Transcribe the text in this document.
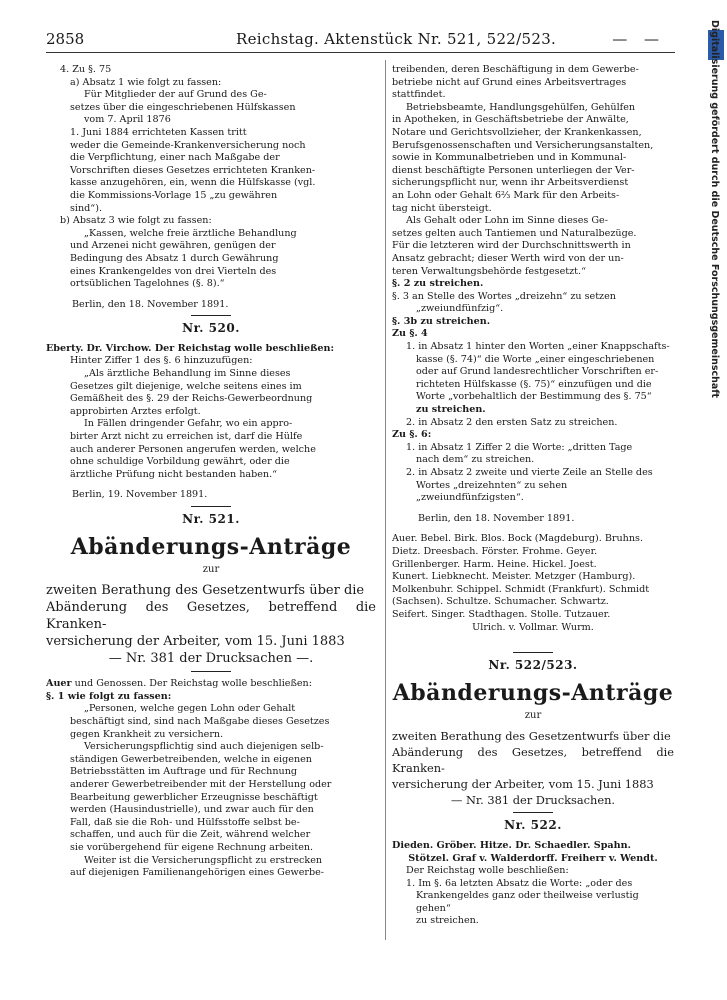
2858	Reichstag. Aktenstück Nr. 521, 522/523.	— —	Digitalisierung gefördert durch die Deutsche Forschungsgemeinschaft

4. Zu §. 75

a) Absatz 1 wie folgt zu fassen:

Für Mitglieder der auf Grund des Ge-

setzes über die eingeschriebenen Hülfskassen

vom 7. April 1876

1. Juni 1884 errichteten Kassen tritt

weder die Gemeinde-Krankenversicherung noch

die Verpflichtung, einer nach Maßgabe der

Vorschriften dieses Gesetzes errichteten Kranken-

kasse anzugehören, ein, wenn die Hülfskasse (vgl.

die Kommissions-Vorlage 15 „zu gewähren

sind“).

b) Absatz 3 wie folgt zu fassen:

„Kassen, welche freie ärztliche Behandlung

und Arzenei nicht gewähren, genügen der

Bedingung des Absatz 1 durch Gewährung

eines Krankengeldes von drei Vierteln des

ortsüblichen Tagelohnes (§. 8).“

Berlin, den 18. November 1891.

Nr. 520.

Eberty. Dr. Virchow. Der Reichstag wolle beschließen:

Hinter Ziffer 1 des §. 6 hinzuzufügen:

„Als ärztliche Behandlung im Sinne dieses

Gesetzes gilt diejenige, welche seitens eines im

Gemäßheit des §. 29 der Reichs-Gewerbeordnung

approbirten Arztes erfolgt.

In Fällen dringender Gefahr, wo ein appro-

birter Arzt nicht zu erreichen ist, darf die Hülfe

auch anderer Personen angerufen werden, welche

ohne schuldige Vorbildung gewährt, oder die

ärztliche Prüfung nicht bestanden haben.“

Berlin, 19. November 1891.

Nr. 521.
Abänderungs-Anträge
zur
zweiten Berathung des Gesetzentwurfs über die
Abänderung des Gesetzes, betreffend die Kranken-
versicherung der Arbeiter, vom 15. Juni 1883
— Nr. 381 der Drucksachen —.

Auer und Genossen. Der Reichstag wolle beschließen:

§. 1 wie folgt zu fassen:

„Personen, welche gegen Lohn oder Gehalt

beschäftigt sind, sind nach Maßgabe dieses Gesetzes

gegen Krankheit zu versichern.

Versicherungspflichtig sind auch diejenigen selb-

ständigen Gewerbetreibenden, welche in eigenen

Betriebsstätten im Auftrage und für Rechnung

anderer Gewerbetreibender mit der Herstellung oder

Bearbeitung gewerblicher Erzeugnisse beschäftigt

werden (Hausindustrielle), und zwar auch für den

Fall, daß sie die Roh- und Hülfsstoffe selbst be-

schaffen, und auch für die Zeit, während welcher

sie vorübergehend für eigene Rechnung arbeiten.

Weiter ist die Versicherungspflicht zu erstrecken

auf diejenigen Familienangehörigen eines Gewerbe-

treibenden, deren Beschäftigung in dem Gewerbe-

betriebe nicht auf Grund eines Arbeitsvertrages

stattfindet.

Betriebsbeamte, Handlungsgehülfen, Gehülfen

in Apotheken, in Geschäftsbetriebe der Anwälte,

Notare und Gerichtsvollzieher, der Krankenkassen,

Berufsgenossenschaften und Versicherungsanstalten,

sowie in Kommunalbetrieben und in Kommunal-

dienst beschäftigte Personen unterliegen der Ver-

sicherungspflicht nur, wenn ihr Arbeitsverdienst

an Lohn oder Gehalt 6⅔ Mark für den Arbeits-

tag nicht übersteigt.

Als Gehalt oder Lohn im Sinne dieses Ge-

setzes gelten auch Tantiemen und Naturalbezüge.

Für die letzteren wird der Durchschnittswerth in

Ansatz gebracht; dieser Werth wird von der un-

teren Verwaltungsbehörde festgesetzt.“

§. 2 zu streichen.

§. 3 an Stelle des Wortes „dreizehn“ zu setzen

„zweiundfünfzig“.

§. 3b zu streichen.

Zu §. 4

1. in Absatz 1 hinter den Worten „einer Knappschafts-

kasse (§. 74)“ die Worte „einer eingeschriebenen

oder auf Grund landesrechtlicher Vorschriften er-

richteten Hülfskasse (§. 75)“ einzufügen und die

Worte „vorbehaltlich der Bestimmung des §. 75“

zu streichen.

2. in Absatz 2 den ersten Satz zu streichen.

Zu §. 6:

1. in Absatz 1 Ziffer 2 die Worte: „dritten Tage

nach dem“ zu streichen.

2. in Absatz 2 zweite und vierte Zeile an Stelle des

Wortes „dreizehnten“ zu sehen „zweiundfünfzigsten“.

Berlin, den 18. November 1891.

Auer. Bebel. Birk. Blos. Bock (Magdeburg). Bruhns.

Dietz. Dreesbach. Förster. Frohme. Geyer.

Grillenberger. Harm. Heine. Hickel. Joest.

Kunert. Liebknecht. Meister. Metzger (Hamburg).

Molkenbuhr. Schippel. Schmidt (Frankfurt). Schmidt

(Sachsen). Schultze. Schumacher. Schwartz.

Seifert. Singer. Stadthagen. Stolle. Tutzauer.

Ulrich. v. Vollmar. Wurm.

Nr. 522/523.
Abänderungs-Anträge
zur
zweiten Berathung des Gesetzentwurfs über die
Abänderung des Gesetzes, betreffend die Kranken-
versicherung der Arbeiter, vom 15. Juni 1883
— Nr. 381 der Drucksachen.
Nr. 522.

Dieden. Gröber. Hitze. Dr. Schaedler. Spahn.

Stötzel. Graf v. Walderdorff. Freiherr v. Wendt.

Der Reichstag wolle beschließen:

1. Im §. 6a letzten Absatz die Worte: „oder des

Krankengeldes ganz oder theilweise verlustig gehen“

zu streichen.
